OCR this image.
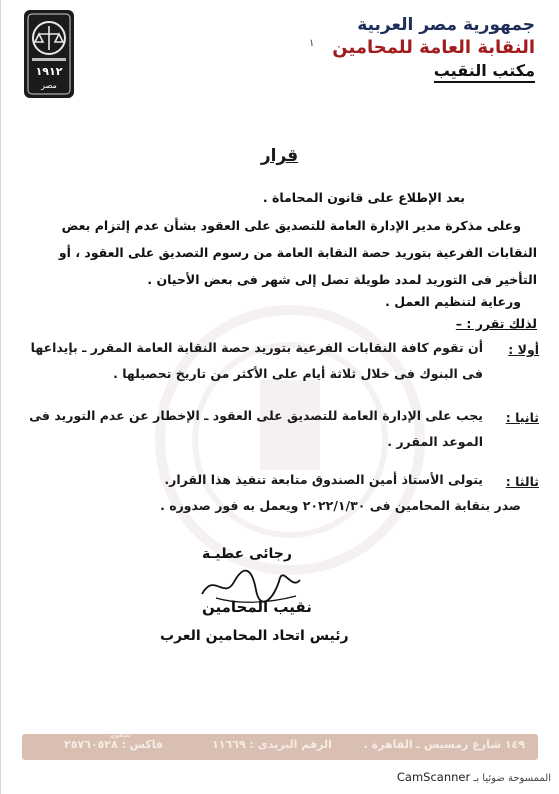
١٩١٢
مصر
جمهورية مصر العربية
النقابة العامة للمحامين
مكتب النقيب
١
قرار
بعد الإطلاع على قانون المحاماة .
وعلى مذكرة مدير الإدارة العامة للتصديق على العقود بشأن عدم إلتزام بعض
النقابات الفرعية بتوريد حصة النقابة العامة من رسوم التصديق على العقود ، أو
التأخير فى التوريد لمدد طويلة تصل إلى شهر فى بعض الأحيان .
ورعاية لتنظيم العمل .
لذلك تقرر : –
أولا :
أن تقوم كافة النقابات الفرعية بتوريد حصة النقابة العامة المقرر ـ بإيداعها
فى البنوك فى خلال ثلاثة أيام على الأكثر من تاريخ تحصيلها .
ثانيا :
يجب على الإدارة العامة للتصديق على العقود ـ الإخطار عن عدم التوريد فى
الموعد المقرر .
ثالثا :
يتولى الأستاذ أمين الصندوق متابعة تنفيذ هذا القرار.
صدر بنقابة المحامين فى ٢٠٢٢/١/٣٠ ويعمل به فور صدوره .
رجائى عطيـة
نقيب المحامين
رئيس اتحاد المحامين العرب
١٤٩ شارع رمسيس ـ القاهرة .
الرقم البريدى : ١١٦٦٩
فاكس : ٢٥٧٦٠٥٢٨
تليفون
الممسوحة ضوئيا بـ CamScanner
